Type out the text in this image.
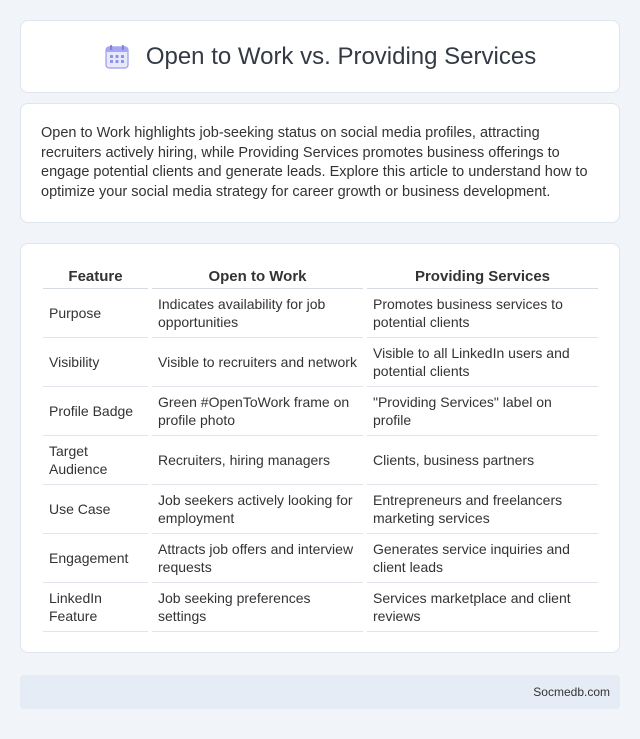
Open to Work vs. Providing Services

Open to Work highlights job-seeking status on social media profiles, attracting recruiters actively hiring, while Providing Services promotes business offerings to engage potential clients and generate leads. Explore this article to understand how to optimize your social media strategy for career growth or business development.

Feature	Open to Work	Providing Services
Purpose	Indicates availability for job opportunities	Promotes business services to potential clients
Visibility	Visible to recruiters and network	Visible to all LinkedIn users and potential clients
Profile Badge	Green #OpenToWork frame on profile photo	"Providing Services" label on profile
Target Audience	Recruiters, hiring managers	Clients, business partners
Use Case	Job seekers actively looking for employment	Entrepreneurs and freelancers marketing services
Engagement	Attracts job offers and interview requests	Generates service inquiries and client leads
LinkedIn Feature	Job seeking preferences settings	Services marketplace and client reviews
Socmedb.com
